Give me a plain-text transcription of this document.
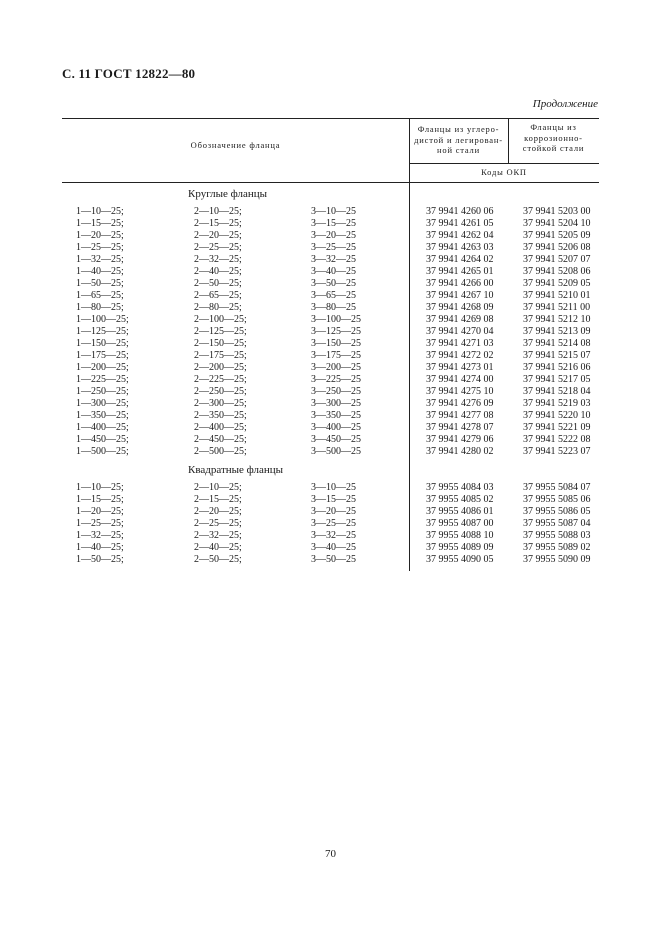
С. 11 ГОСТ 12822—80
Продолжение
Обозначение фланца
Фланцы из углеро-
дистой и легирован-
ной стали
Фланцы из
коррозионно-
стойкой стали
Коды ОКП
Круглые фланцы
1—10—25;	2—10—25;	3—10—25	37 9941 4260 06	37 9941 5203 00
1—15—25;	2—15—25;	3—15—25	37 9941 4261 05	37 9941 5204 10
1—20—25;	2—20—25;	3—20—25	37 9941 4262 04	37 9941 5205 09
1—25—25;	2—25—25;	3—25—25	37 9941 4263 03	37 9941 5206 08
1—32—25;	2—32—25;	3—32—25	37 9941 4264 02	37 9941 5207 07
1—40—25;	2—40—25;	3—40—25	37 9941 4265 01	37 9941 5208 06
1—50—25;	2—50—25;	3—50—25	37 9941 4266 00	37 9941 5209 05
1—65—25;	2—65—25;	3—65—25	37 9941 4267 10	37 9941 5210 01
1—80—25;	2—80—25;	3—80—25	37 9941 4268 09	37 9941 5211 00
1—100—25;	2—100—25;	3—100—25	37 9941 4269 08	37 9941 5212 10
1—125—25;	2—125—25;	3—125—25	37 9941 4270 04	37 9941 5213 09
1—150—25;	2—150—25;	3—150—25	37 9941 4271 03	37 9941 5214 08
1—175—25;	2—175—25;	3—175—25	37 9941 4272 02	37 9941 5215 07
1—200—25;	2—200—25;	3—200—25	37 9941 4273 01	37 9941 5216 06
1—225—25;	2—225—25;	3—225—25	37 9941 4274 00	37 9941 5217 05
1—250—25;	2—250—25;	3—250—25	37 9941 4275 10	37 9941 5218 04
1—300—25;	2—300—25;	3—300—25	37 9941 4276 09	37 9941 5219 03
1—350—25;	2—350—25;	3—350—25	37 9941 4277 08	37 9941 5220 10
1—400—25;	2—400—25;	3—400—25	37 9941 4278 07	37 9941 5221 09
1—450—25;	2—450—25;	3—450—25	37 9941 4279 06	37 9941 5222 08
1—500—25;	2—500—25;	3—500—25	37 9941 4280 02	37 9941 5223 07
Квадратные фланцы
1—10—25;	2—10—25;	3—10—25	37 9955 4084 03	37 9955 5084 07
1—15—25;	2—15—25;	3—15—25	37 9955 4085 02	37 9955 5085 06
1—20—25;	2—20—25;	3—20—25	37 9955 4086 01	37 9955 5086 05
1—25—25;	2—25—25;	3—25—25	37 9955 4087 00	37 9955 5087 04
1—32—25;	2—32—25;	3—32—25	37 9955 4088 10	37 9955 5088 03
1—40—25;	2—40—25;	3—40—25	37 9955 4089 09	37 9955 5089 02
1—50—25;	2—50—25;	3—50—25	37 9955 4090 05	37 9955 5090 09
70
